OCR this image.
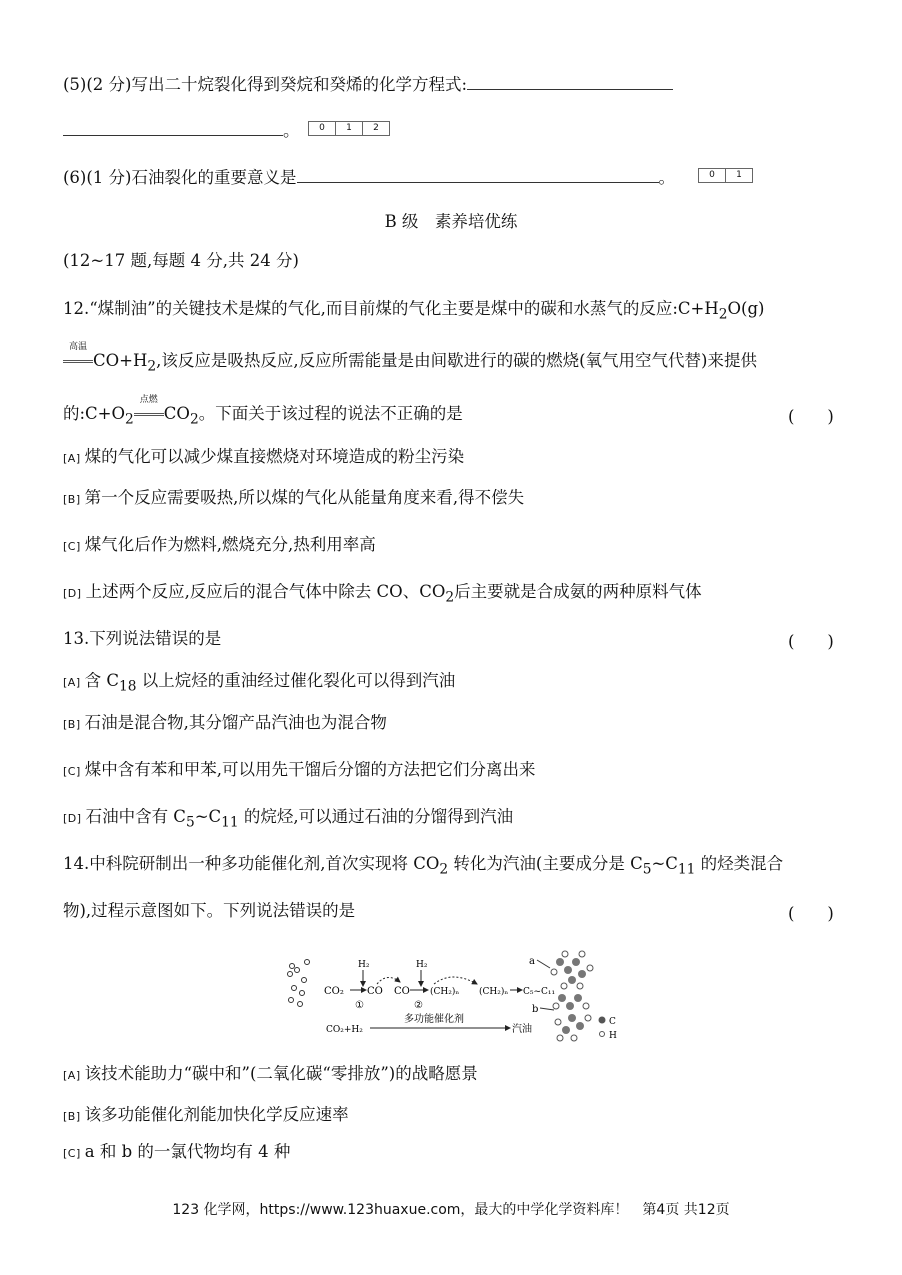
(5)(2 分)写出二十烷裂化得到癸烷和癸烯的化学方程式:
。	0	1	2
(6)(1 分)石油裂化的重要意义是	。	0	1
B 级　素养培优练
(12~17 题,每题 4 分,共 24 分)
12.“煤制油”的关键技术是煤的气化,而目前煤的气化主要是煤中的碳和水蒸气的反应$:C+H_2O(g)$
高温
$CO+H_2$,该反应是吸热反应,反应所需能量是由间歇进行的碳的燃烧(氧气用空气代替)来提供
的$:C+O_2$
点燃
$CO_2$。下面关于该过程的说法不正确的是	(　　)
[A] 煤的气化可以减少煤直接燃烧对环境造成的粉尘污染
[B] 第一个反应需要吸热,所以煤的气化从能量角度来看,得不偿失
[C] 煤气化后作为燃料,燃烧充分,热利用率高
[D] 上述两个反应,反应后的混合气体中除去 CO、$CO_2$后主要就是合成氨的两种原料气体
13.下列说法错误的是	(　　)
[A] 含 $C_{18}$ 以上烷烃的重油经过催化裂化可以得到汽油
[B] 石油是混合物,其分馏产品汽油也为混合物
[C] 煤中含有苯和甲苯,可以用先干馏后分馏的方法把它们分离出来
[D] 石油中含有 $C_5\sim C_{11}$ 的烷烃,可以通过石油的分馏得到汽油
14.中科院研制出一种多功能催化剂,首次实现将 $CO_2$ 转化为汽油(主要成分是 $C_5\sim C_{11}$ 的烃类混合
物),过程示意图如下。下列说法错误的是	(　　)
H₂
CO₂ CO
①
CO
H₂
②
(CH₂)ₙ (CH₂)ₙ C₅~C₁₁
CO₂+H₂
多功能催化剂
汽油
a
b
C
H
[A] 该技术能助力“碳中和”(二氧化碳“零排放”)的战略愿景
[B] 该多功能催化剂能加快化学反应速率
[C] a 和 b 的一氯代物均有 4 种
123 化学网，https://www.123huaxue.com，最大的中学化学资料库！　第4页 共12页
